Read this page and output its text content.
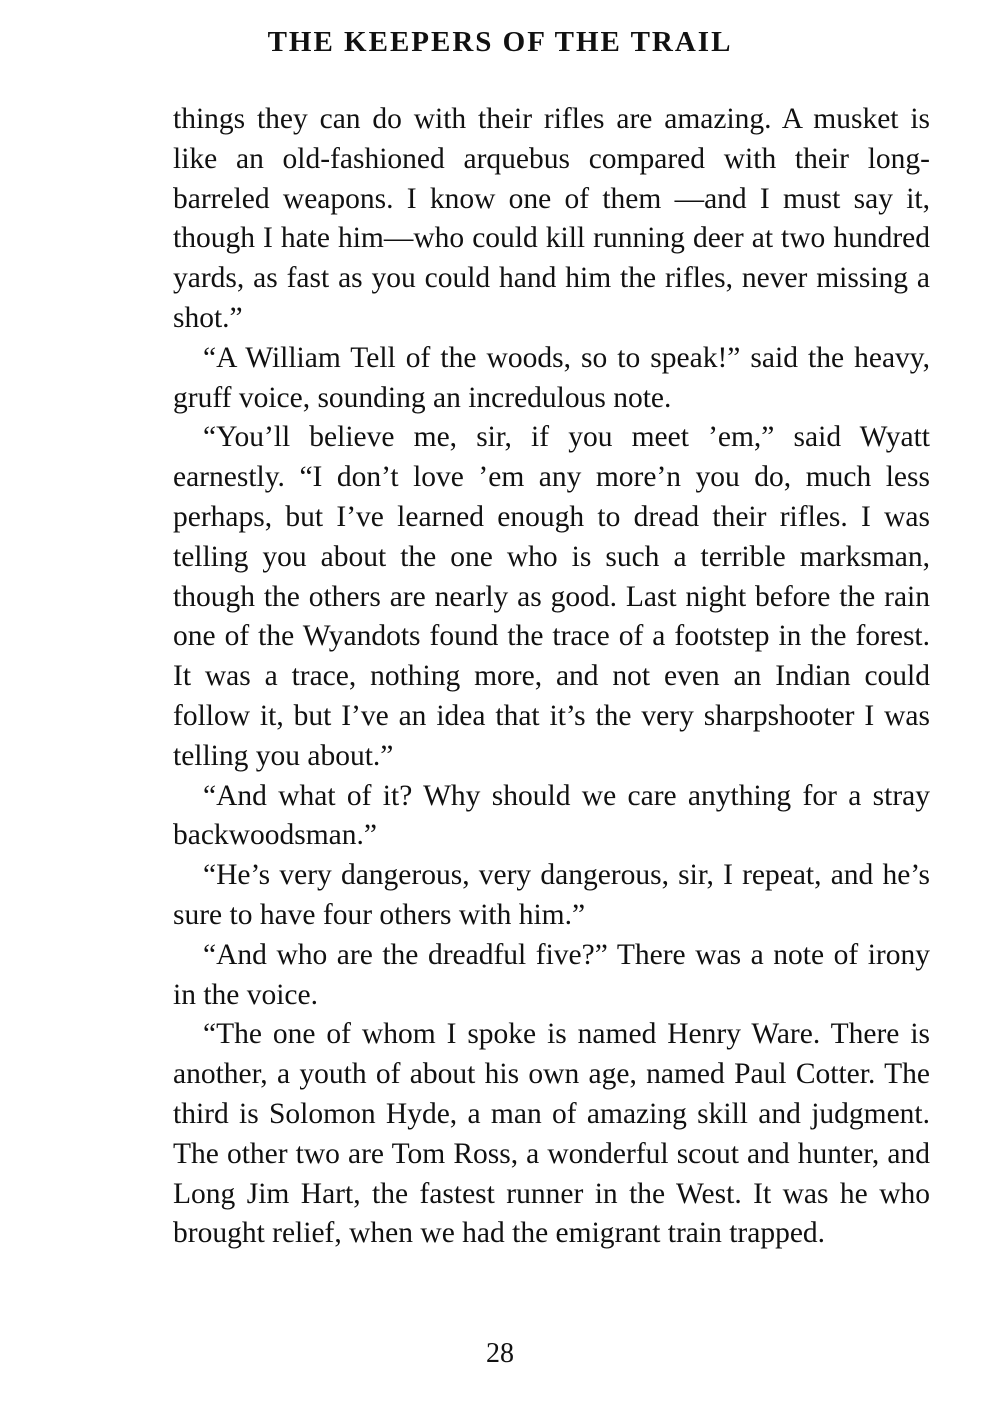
THE KEEPERS OF THE TRAIL

things they can do with their rifles are amazing. A musket is like an old-fashioned arquebus compared with their long-barreled weapons. I know one of them —and I must say it, though I hate him—who could kill running deer at two hundred yards, as fast as you could hand him the rifles, never missing a shot.”

“A William Tell of the woods, so to speak!” said the heavy, gruff voice, sounding an incredulous note.

“You’ll believe me, sir, if you meet ’em,” said Wyatt earnestly. “I don’t love ’em any more’n you do, much less perhaps, but I’ve learned enough to dread their rifles. I was telling you about the one who is such a terrible marksman, though the others are nearly as good. Last night before the rain one of the Wyandots found the trace of a footstep in the forest. It was a trace, nothing more, and not even an Indian could follow it, but I’ve an idea that it’s the very sharpshooter I was telling you about.”

“And what of it? Why should we care anything for a stray backwoodsman.”

“He’s very dangerous, very dangerous, sir, I repeat, and he’s sure to have four others with him.”

“And who are the dreadful five?” There was a note of irony in the voice.

“The one of whom I spoke is named Henry Ware. There is another, a youth of about his own age, named Paul Cotter. The third is Solomon Hyde, a man of amazing skill and judgment. The other two are Tom Ross, a wonderful scout and hunter, and Long Jim Hart, the fastest runner in the West. It was he who brought relief, when we had the emigrant train trapped.

28
